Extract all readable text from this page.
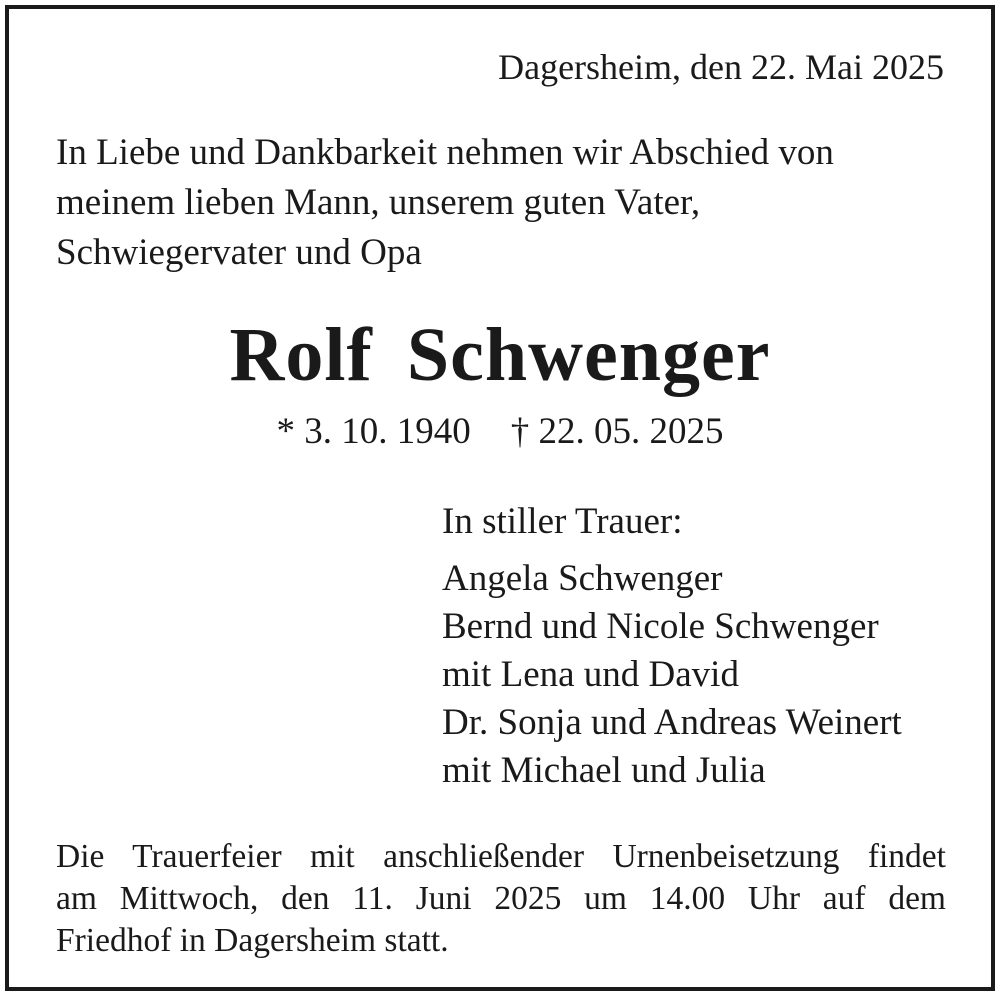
Dagersheim, den 22. Mai 2025
In Liebe und Dankbarkeit nehmen wir Abschied von
meinem lieben Mann, unserem guten Vater,
Schwiegervater und Opa
Rolf Schwenger
* 3. 10. 1940 † 22. 05. 2025
In stiller Trauer:
Angela Schwenger
Bernd und Nicole Schwenger
mit Lena und David
Dr. Sonja und Andreas Weinert
mit Michael und Julia
Die Trauerfeier mit anschließender Urnenbeisetzung findet
am Mittwoch, den 11. Juni 2025 um 14.00 Uhr auf dem
Friedhof in Dagersheim statt.
